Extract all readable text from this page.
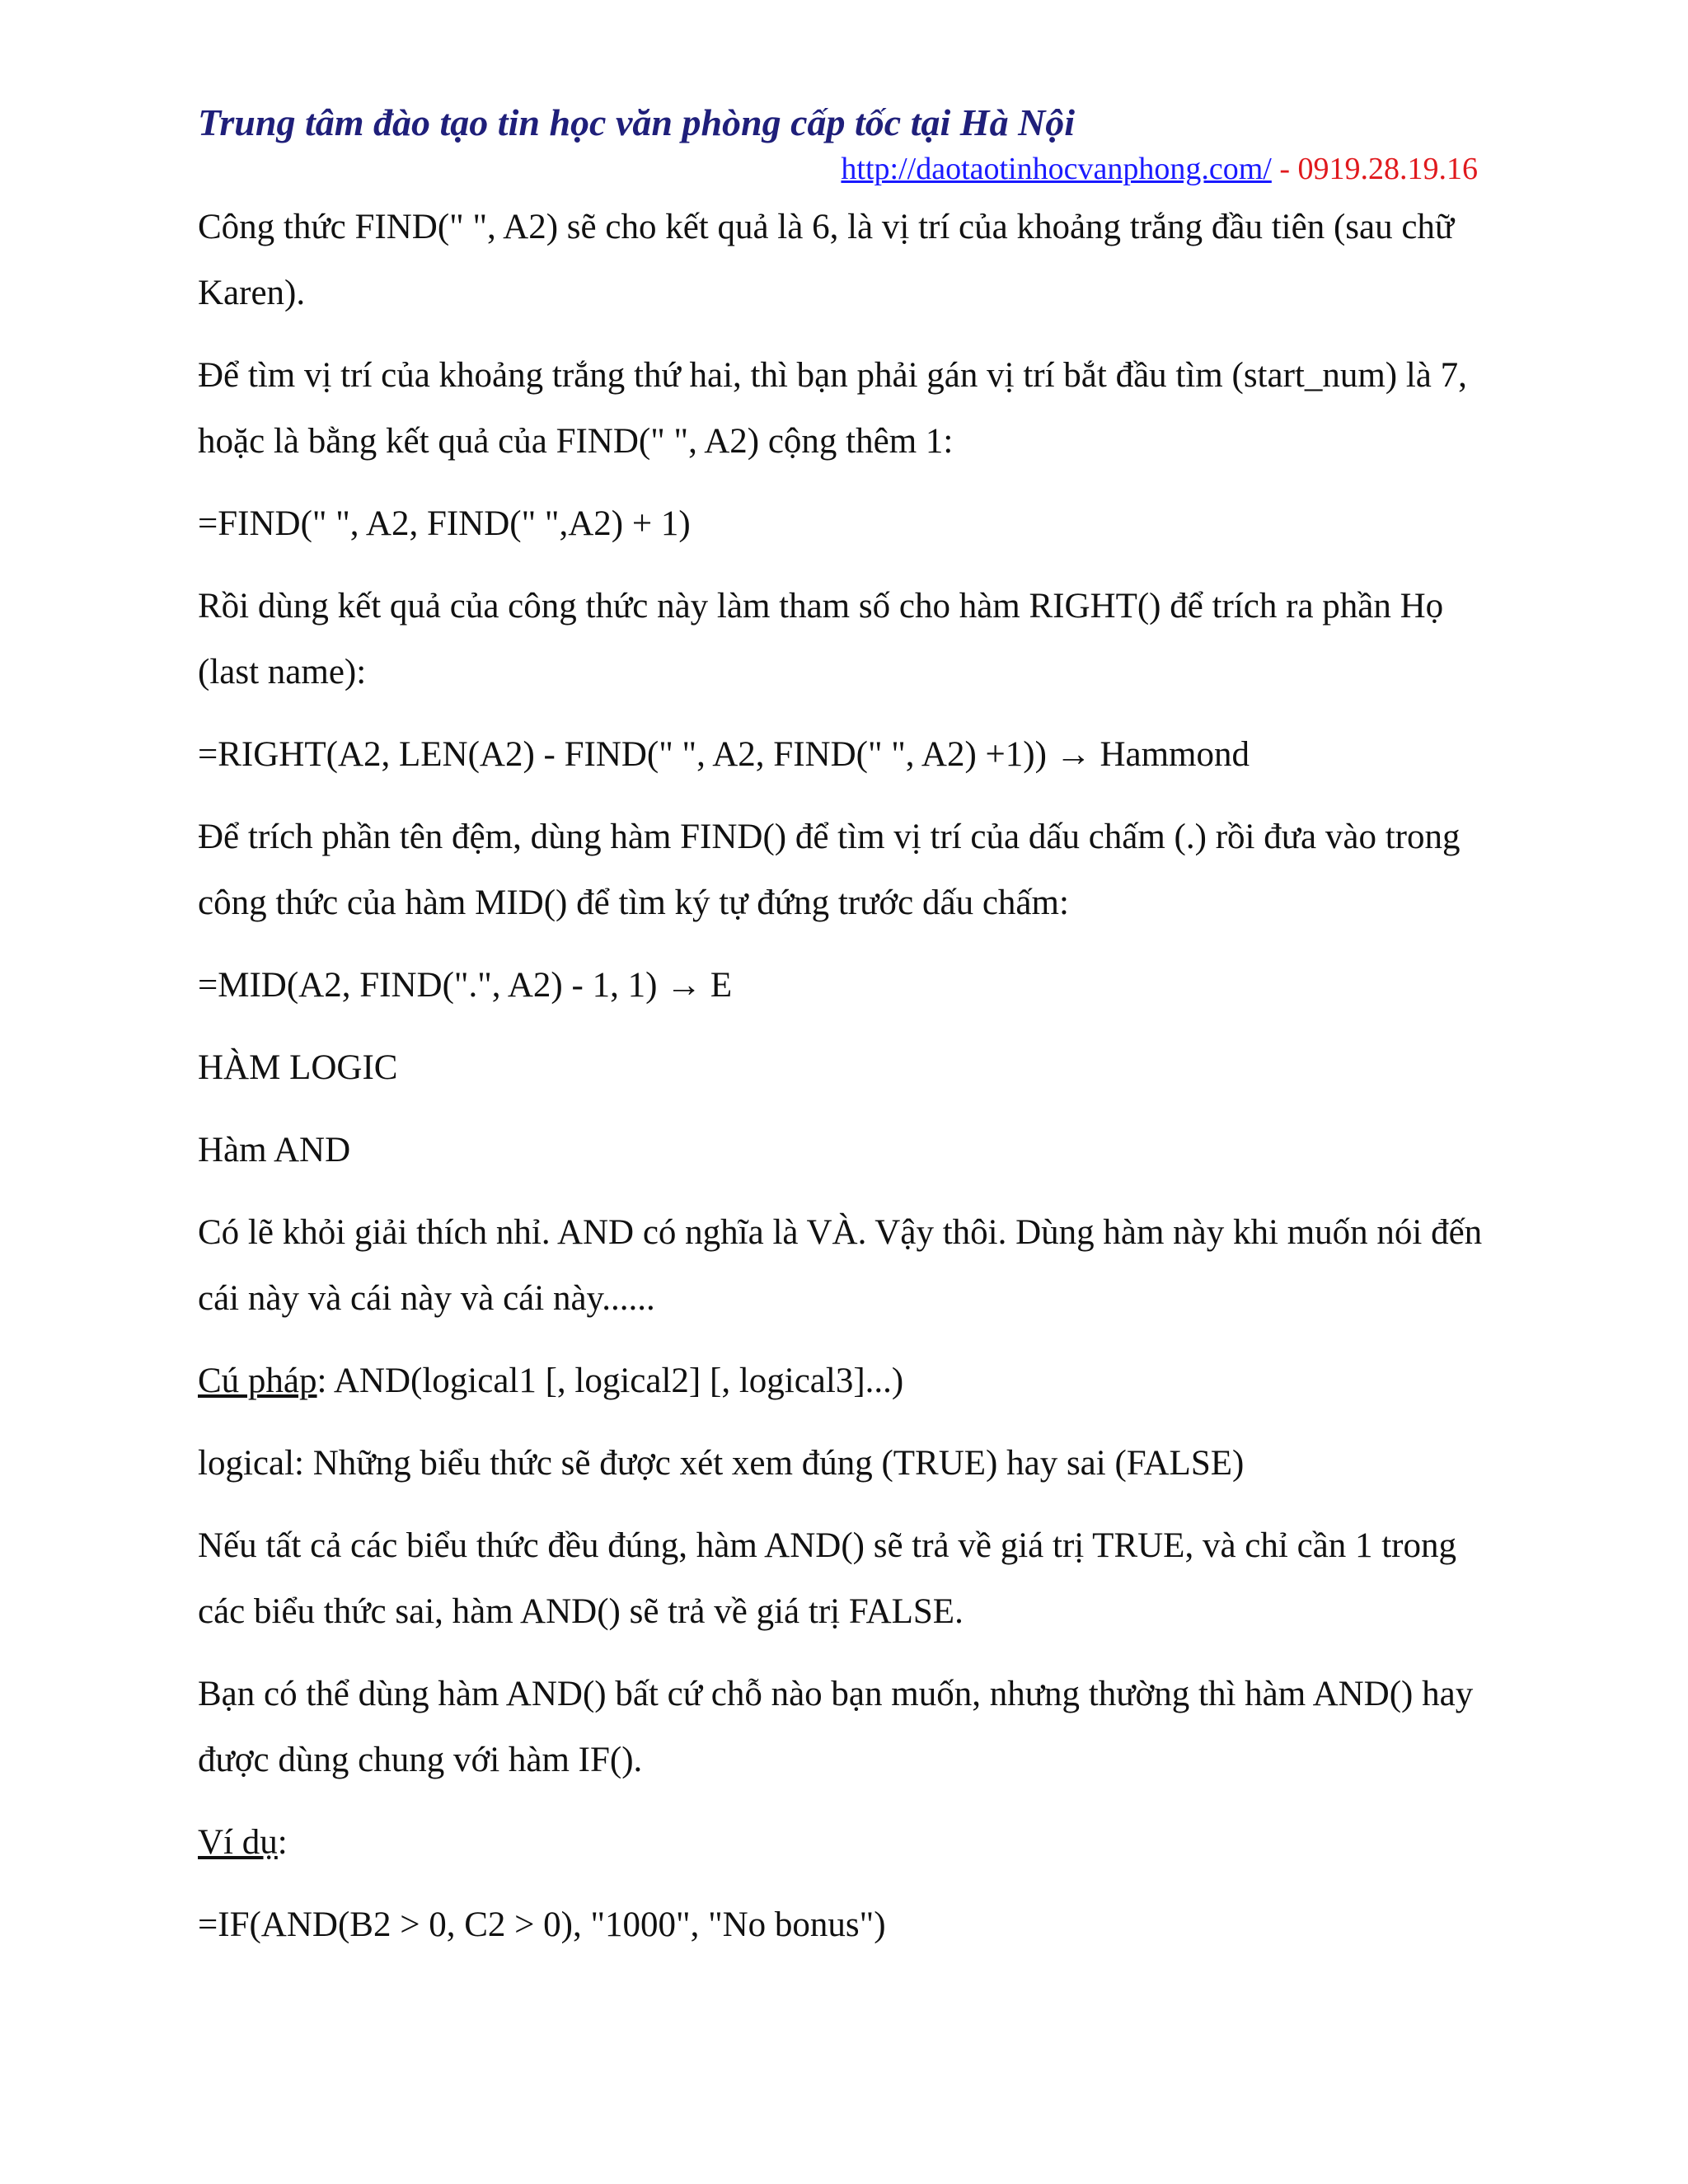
Trung tâm đào tạo tin học văn phòng cấp tốc tại Hà Nội
http://daotaotinhocvanphong.com/ - 0919.28.19.16

Công thức FIND(" ", A2) sẽ cho kết quả là 6, là vị trí của khoảng trắng đầu tiên (sau chữ Karen).

Để tìm vị trí của khoảng trắng thứ hai, thì bạn phải gán vị trí bắt đầu tìm (start_num) là 7, hoặc là bằng kết quả của FIND(" ", A2) cộng thêm 1:

=FIND(" ", A2, FIND(" ",A2) + 1)

Rồi dùng kết quả của công thức này làm tham số cho hàm RIGHT() để trích ra phần Họ (last name):

=RIGHT(A2, LEN(A2) - FIND(" ", A2, FIND(" ", A2) +1)) → Hammond

Để trích phần tên đệm, dùng hàm FIND() để tìm vị trí của dấu chấm (.) rồi đưa vào trong công thức của hàm MID() để tìm ký tự đứng trước dấu chấm:

=MID(A2, FIND(".", A2) - 1, 1) → E

HÀM LOGIC

Hàm AND

Có lẽ khỏi giải thích nhỉ. AND có nghĩa là VÀ. Vậy thôi. Dùng hàm này khi muốn nói đến cái này và cái này và cái này......

Cú pháp: AND(logical1 [, logical2] [, logical3]...)

logical: Những biểu thức sẽ được xét xem đúng (TRUE) hay sai (FALSE)

Nếu tất cả các biểu thức đều đúng, hàm AND() sẽ trả về giá trị TRUE, và chỉ cần 1 trong các biểu thức sai, hàm AND() sẽ trả về giá trị FALSE.

Bạn có thể dùng hàm AND() bất cứ chỗ nào bạn muốn, nhưng thường thì hàm AND() hay được dùng chung với hàm IF().

Ví dụ:

=IF(AND(B2 > 0, C2 > 0), "1000", "No bonus")
